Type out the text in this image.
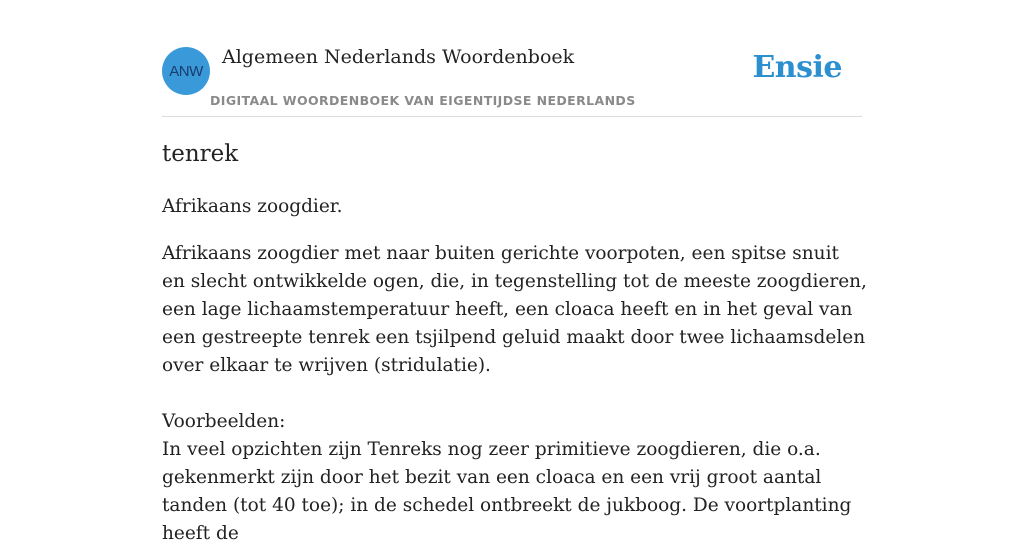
ANW
Algemeen Nederlands Woordenboek
DIGITAAL WOORDENBOEK VAN EIGENTIJDSE NEDERLANDS
Ensie
tenrek

Afrikaans zoogdier.

Afrikaans zoogdier met naar buiten gerichte voorpoten, een spitse snuit en slecht ontwikkelde ogen, die, in tegenstelling tot de meeste zoogdieren, een lage lichaamstemperatuur heeft, een cloaca heeft en in het geval van een gestreepte tenrek een tsjilpend geluid maakt door twee lichaamsdelen over elkaar te wrijven (stridulatie).

Voorbeelden:

In veel opzichten zijn Tenreks nog zeer primitieve zoogdieren, die o.a. gekenmerkt zijn door het bezit van een cloaca en een vrij groot aantal tanden (tot 40 toe); in de schedel ontbreekt de jukboog. De voortplanting heeft de
